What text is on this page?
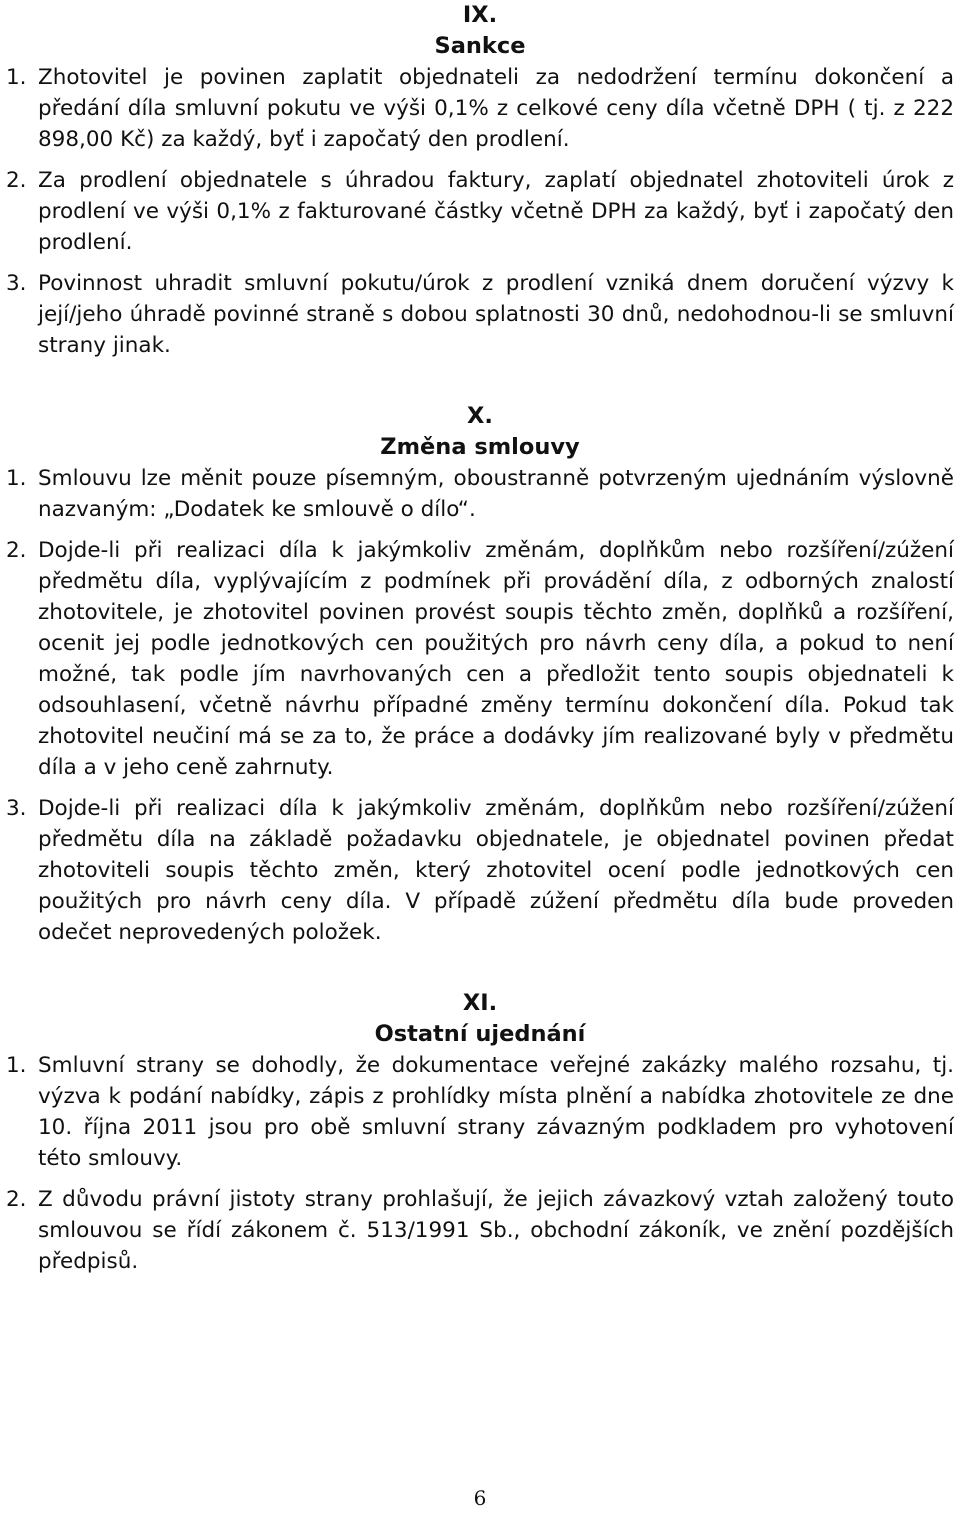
IX.
Sankce
1. Zhotovitel je povinen zaplatit objednateli za nedodržení termínu dokončení a předání díla smluvní pokutu ve výši 0,1% z celkové ceny díla včetně DPH ( tj. z 222 898,00 Kč) za každý, byť i započatý den prodlení.
2. Za prodlení objednatele s úhradou faktury, zaplatí objednatel zhotoviteli úrok z prodlení ve výši 0,1% z fakturované částky včetně DPH za každý, byť i započatý den prodlení.
3. Povinnost uhradit smluvní pokutu/úrok z prodlení vzniká dnem doručení výzvy k její/jeho úhradě povinné straně s dobou splatnosti 30 dnů, nedohodnou-li se smluvní strany jinak.
X.
Změna smlouvy
1. Smlouvu lze měnit pouze písemným, oboustranně potvrzeným ujednáním výslovně nazvaným: „Dodatek ke smlouvě o dílo“.
2. Dojde-li při realizaci díla k jakýmkoliv změnám, doplňkům nebo rozšíření/zúžení předmětu díla, vyplývajícím z podmínek při provádění díla, z odborných znalostí zhotovitele, je zhotovitel povinen provést soupis těchto změn, doplňků a rozšíření, ocenit jej podle jednotkových cen použitých pro návrh ceny díla, a pokud to není možné, tak podle jím navrhovaných cen a předložit tento soupis objednateli k odsouhlasení, včetně návrhu případné změny termínu dokončení díla. Pokud tak zhotovitel neučiní má se za to, že práce a dodávky jím realizované byly v předmětu díla a v jeho ceně zahrnuty.
3. Dojde-li při realizaci díla k jakýmkoliv změnám, doplňkům nebo rozšíření/zúžení předmětu díla na základě požadavku objednatele, je objednatel povinen předat zhotoviteli soupis těchto změn, který zhotovitel ocení podle jednotkových cen použitých pro návrh ceny díla. V případě zúžení předmětu díla bude proveden odečet neprovedených položek.
XI.
Ostatní ujednání
1. Smluvní strany se dohodly, že dokumentace veřejné zakázky malého rozsahu, tj. výzva k podání nabídky, zápis z prohlídky místa plnění a nabídka zhotovitele ze dne 10. října 2011 jsou pro obě smluvní strany závazným podkladem pro vyhotovení této smlouvy.
2. Z důvodu právní jistoty strany prohlašují, že jejich závazkový vztah založený touto smlouvou se řídí zákonem č. 513/1991 Sb., obchodní zákoník, ve znění pozdějších předpisů.
6
